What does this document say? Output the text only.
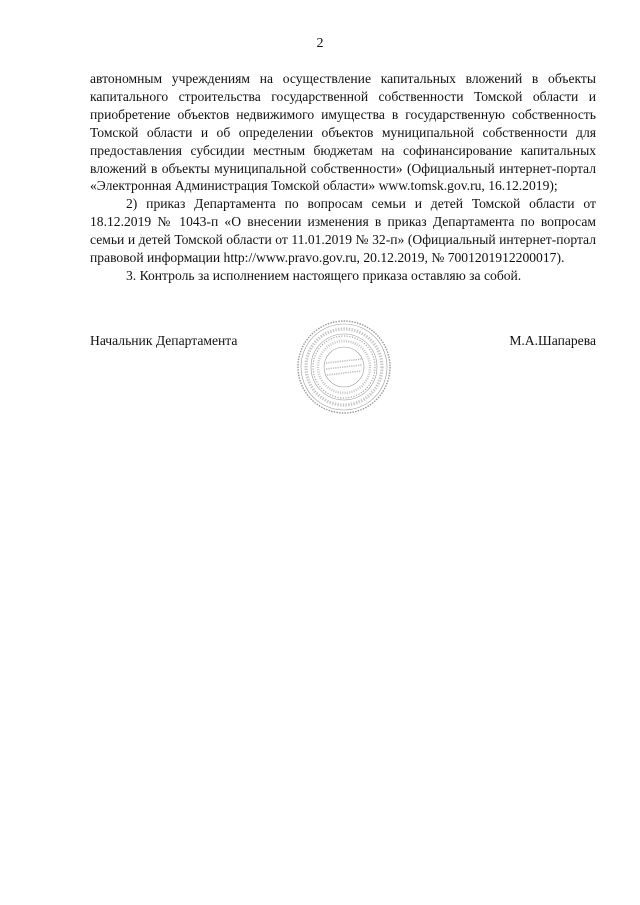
2

автономным учреждениям на осуществление капитальных вложений в объекты капитального строительства государственной собственности Томской области и приобретение объектов недвижимого имущества в государственную собственность Томской области и об определении объектов муниципальной собственности для предоставления субсидии местным бюджетам на софинансирование капитальных вложений в объекты муниципальной собственности» (Официальный интернет-портал «Электронная Администрация Томской области» www.tomsk.gov.ru, 16.12.2019);

2) приказ Департамента по вопросам семьи и детей Томской области от 18.12.2019 № 1043-п «О внесении изменения в приказ Департамента по вопросам семьи и детей Томской области от 11.01.2019 № 32-п» (Официальный интернет-портал правовой информации http://www.pravo.gov.ru, 20.12.2019, № 7001201912200017).

3. Контроль за исполнением настоящего приказа оставляю за собой.

Начальник Департамента	М.А.Шапарева
